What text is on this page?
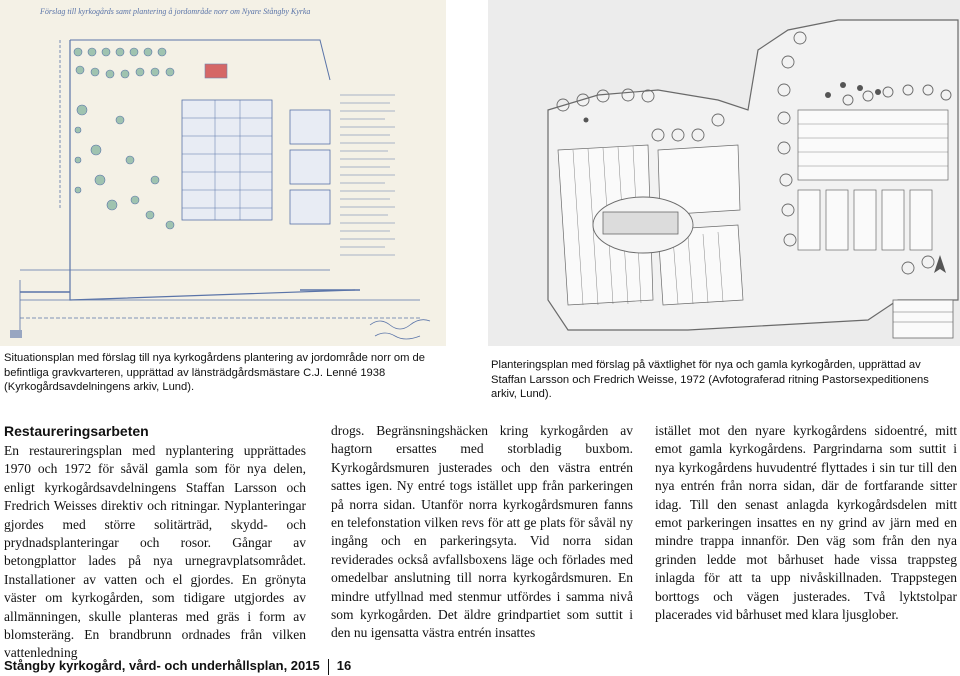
Förslag till kyrkogårds samt plantering å jordområde norr om Nyare Stångby Kyrka
Situationsplan med förslag till nya kyrkogårdens plantering av jordområde norr om de befintliga gravkvarteren, upprättad av länsträdgårdsmästare C.J. Lenné 1938 (Kyrkogårdsavdelningens arkiv, Lund).
Planteringsplan med förslag på växtlighet för nya och gamla kyrkogården, upprättad av Staffan Larsson och Fredrich Weisse, 1972 (Avfotograferad ritning Pastorsexpeditionens arkiv, Lund).
Restaureringsarbeten
En restaureringsplan med nyplantering upprättades 1970 och 1972 för såväl gamla som för nya delen, enligt kyrkogårdsavdelningens Staffan Larsson och Fredrich Weisses direktiv och ritningar. Nyplanteringar gjordes med större solitärträd, skydd- och prydnadsplanteringar och rosor. Gångar av betongplattor lades på nya urnegravplatsområdet. Installationer av vatten och el gjordes. En grönyta väster om kyrkogården, som tidigare utgjordes av allmänningen, skulle planteras med gräs i form av blomsteräng. En brandbrunn ordnades från vilken vattenledning
drogs. Begränsningshäcken kring kyrkogården av hagtorn ersattes med storbladig buxbom. Kyrkogårdsmuren justerades och den västra entrén sattes igen. Ny entré togs istället upp från parkeringen på norra sidan. Utanför norra kyrkogårdsmuren fanns en telefonstation vilken revs för att ge plats för såväl ny ingång och en parkeringsyta. Vid norra sidan reviderades också avfallsboxens läge och förlades med omedelbar anslutning till norra kyrkogårdsmuren. En mindre utfyllnad med stenmur utfördes i samma nivå som kyrkogården. Det äldre grindpartiet som suttit i den nu igensatta västra entrén insattes
istället mot den nyare kyrkogårdens sidoentré, mitt emot gamla kyrkogårdens. Pargrindarna som suttit i nya kyrkogårdens huvudentré flyttades i sin tur till den nya entrén från norra sidan, där de fortfarande sitter idag. Till den senast anlagda kyrkogårdsdelen mitt emot parkeringen insattes en ny grind av järn med en mindre trappa innanför. Den väg som från den nya grinden ledde mot bårhuset hade vissa trappsteg inlagda för att ta upp nivåskillnaden. Trappstegen borttogs och vägen justerades. Två lyktstolpar placerades vid bårhuset med klara ljusglober.
Stångby kyrkogård, vård- och underhållsplan, 2015 16
